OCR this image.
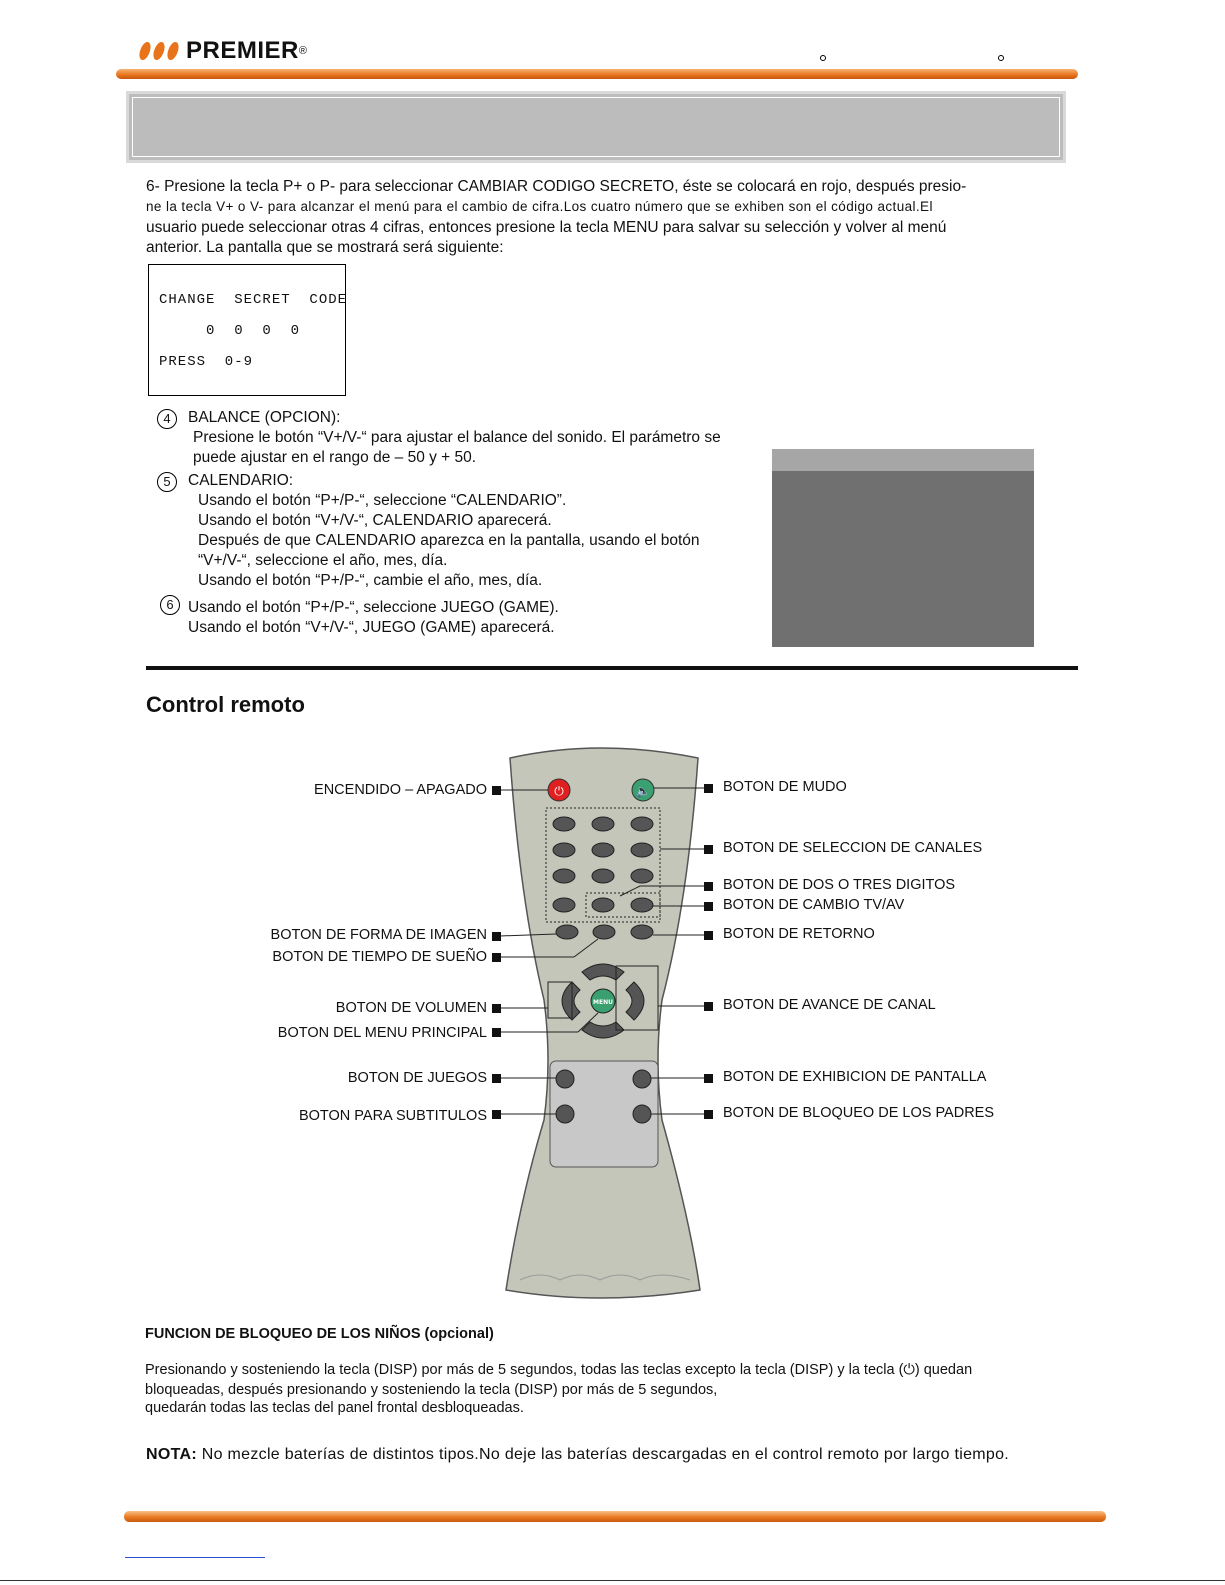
PREMIER ®
6- Presione la tecla P+ o P- para seleccionar CAMBIAR CODIGO SECRETO, éste se colocará en rojo, después presio-
ne la tecla V+ o V- para alcanzar el menú para el cambio de cifra.Los cuatro número que se exhiben son el código actual.El
usuario puede seleccionar otras 4 cifras, entonces presione la tecla MENU para salvar su selección y volver al menú
anterior. La pantalla que se mostrará será siguiente:
CHANGE  SECRET  CODE
0  0  0  0
PRESS  0-9
4	BALANCE (OPCION):
Presione le botón “V+/V-“ para ajustar el balance del sonido. El parámetro se
puede ajustar en el rango de – 50 y + 50.
5	CALENDARIO:
Usando el botón “P+/P-“, seleccione “CALENDARIO”.
Usando el botón “V+/V-“, CALENDARIO aparecerá.
Después de que CALENDARIO aparezca en la pantalla, usando el botón
“V+/V-“, seleccione el año, mes, día.
Usando el botón “P+/P-“, cambie el año, mes, día.
6 Usando el botón “P+/P-“, seleccione JUEGO (GAME).
Usando el botón “V+/V-“, JUEGO (GAME) aparecerá.
Control remoto
⏻	🔈
MENU
ENCENDIDO – APAGADO
BOTON DE FORMA DE IMAGEN
BOTON DE TIEMPO DE SUEÑO
BOTON DE VOLUMEN
BOTON DEL MENU PRINCIPAL
BOTON DE JUEGOS
BOTON PARA SUBTITULOS
BOTON DE MUDO
BOTON DE SELECCION DE CANALES
BOTON DE DOS O TRES DIGITOS
BOTON DE CAMBIO TV/AV
BOTON DE RETORNO
BOTON DE AVANCE DE CANAL
BOTON DE EXHIBICION DE PANTALLA
BOTON DE BLOQUEO DE LOS PADRES
FUNCION DE BLOQUEO DE LOS NIÑOS (opcional)
Presionando y sosteniendo la tecla (DISP) por más de 5 segundos, todas las teclas excepto la tecla (DISP) y la tecla (⏻) quedan
bloqueadas, después presionando y sosteniendo la tecla (DISP) por más de 5 segundos,
quedarán todas las teclas del panel frontal desbloqueadas.
NOTA: No mezcle baterías de distintos tipos.No deje las baterías descargadas en el control remoto por largo tiempo.
